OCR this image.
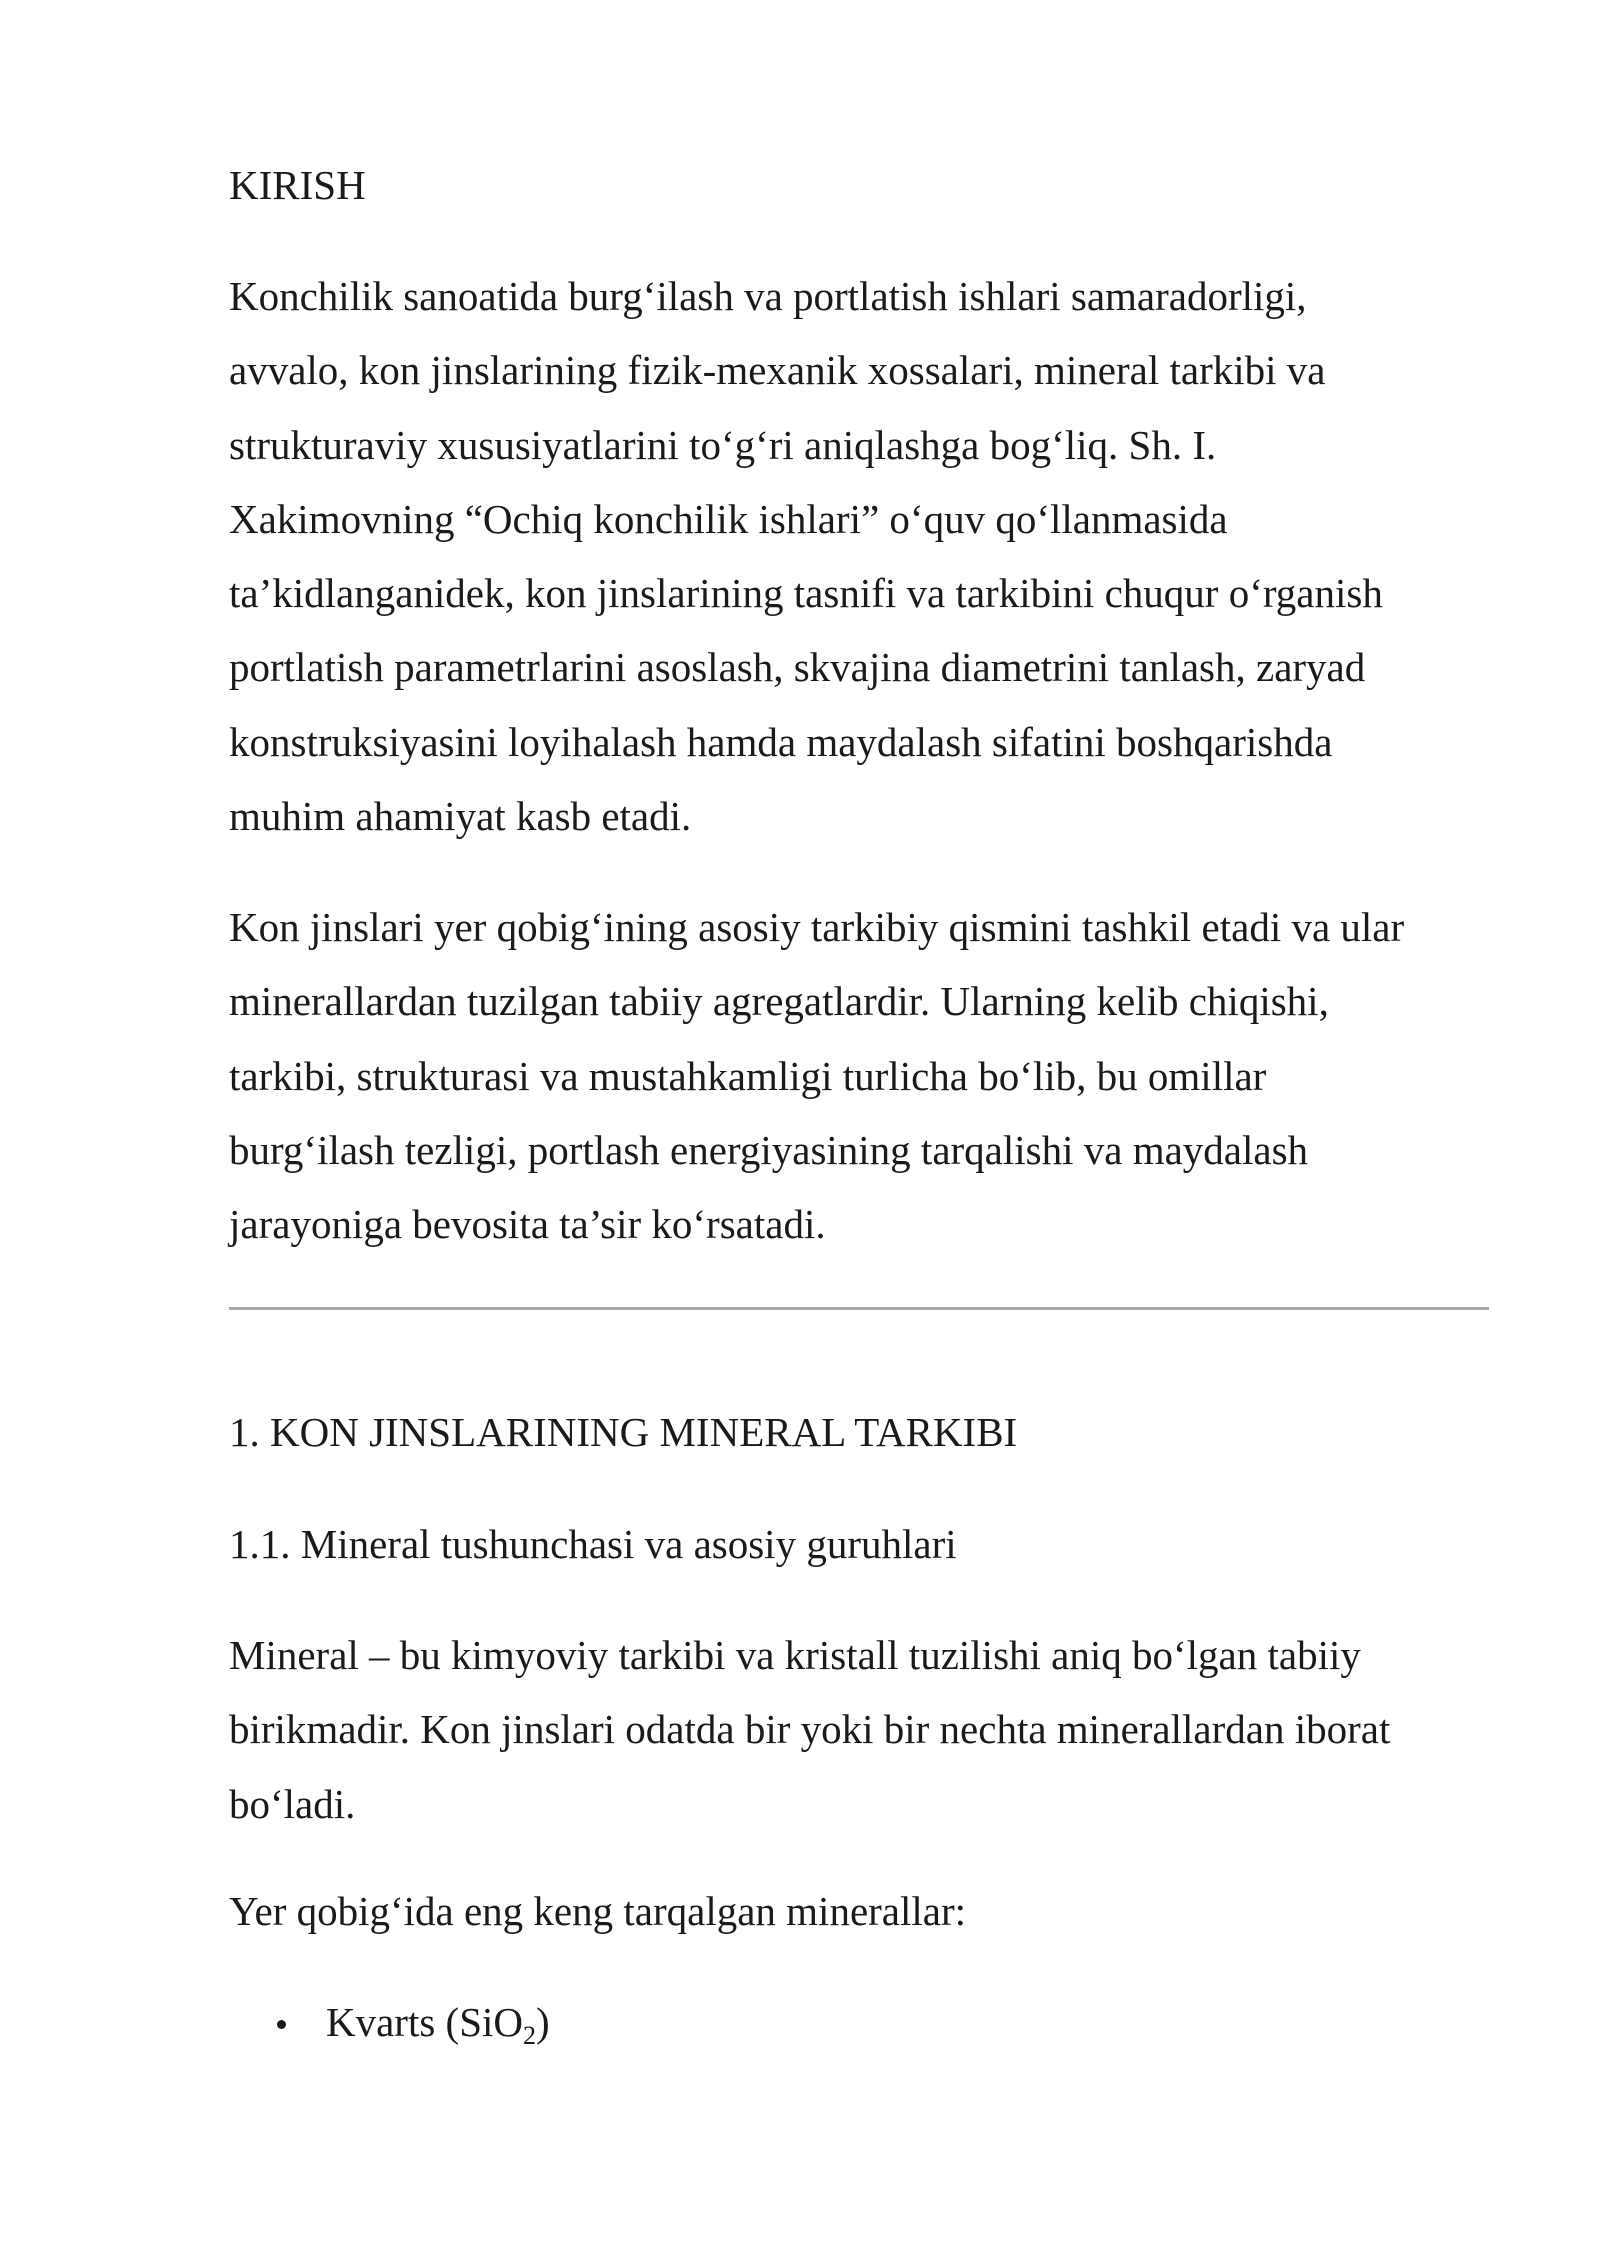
KIRISH

Konchilik sanoatida burg‘ilash va portlatish ishlari samaradorligi,
avvalo, kon jinslarining fizik-mexanik xossalari, mineral tarkibi va
strukturaviy xususiyatlarini to‘g‘ri aniqlashga bog‘liq. Sh. I.
Xakimovning “Ochiq konchilik ishlari” o‘quv qo‘llanmasida
ta’kidlanganidek, kon jinslarining tasnifi va tarkibini chuqur o‘rganish
portlatish parametrlarini asoslash, skvajina diametrini tanlash, zaryad
konstruksiyasini loyihalash hamda maydalash sifatini boshqarishda
muhim ahamiyat kasb etadi.
Kon jinslari yer qobig‘ining asosiy tarkibiy qismini tashkil etadi va ular
minerallardan tuzilgan tabiiy agregatlardir. Ularning kelib chiqishi,
tarkibi, strukturasi va mustahkamligi turlicha bo‘lib, bu omillar
burg‘ilash tezligi, portlash energiyasining tarqalishi va maydalash
jarayoniga bevosita ta’sir ko‘rsatadi.

1. KON JINSLARINING MINERAL TARKIBI

1.1. Mineral tushunchasi va asosiy guruhlari

Mineral – bu kimyoviy tarkibi va kristall tuzilishi aniq bo‘lgan tabiiy
birikmadir. Kon jinslari odatda bir yoki bir nechta minerallardan iborat
bo‘ladi.

Yer qobig‘ida eng keng tarqalgan minerallar:

Kvarts (SiO$_2$)
